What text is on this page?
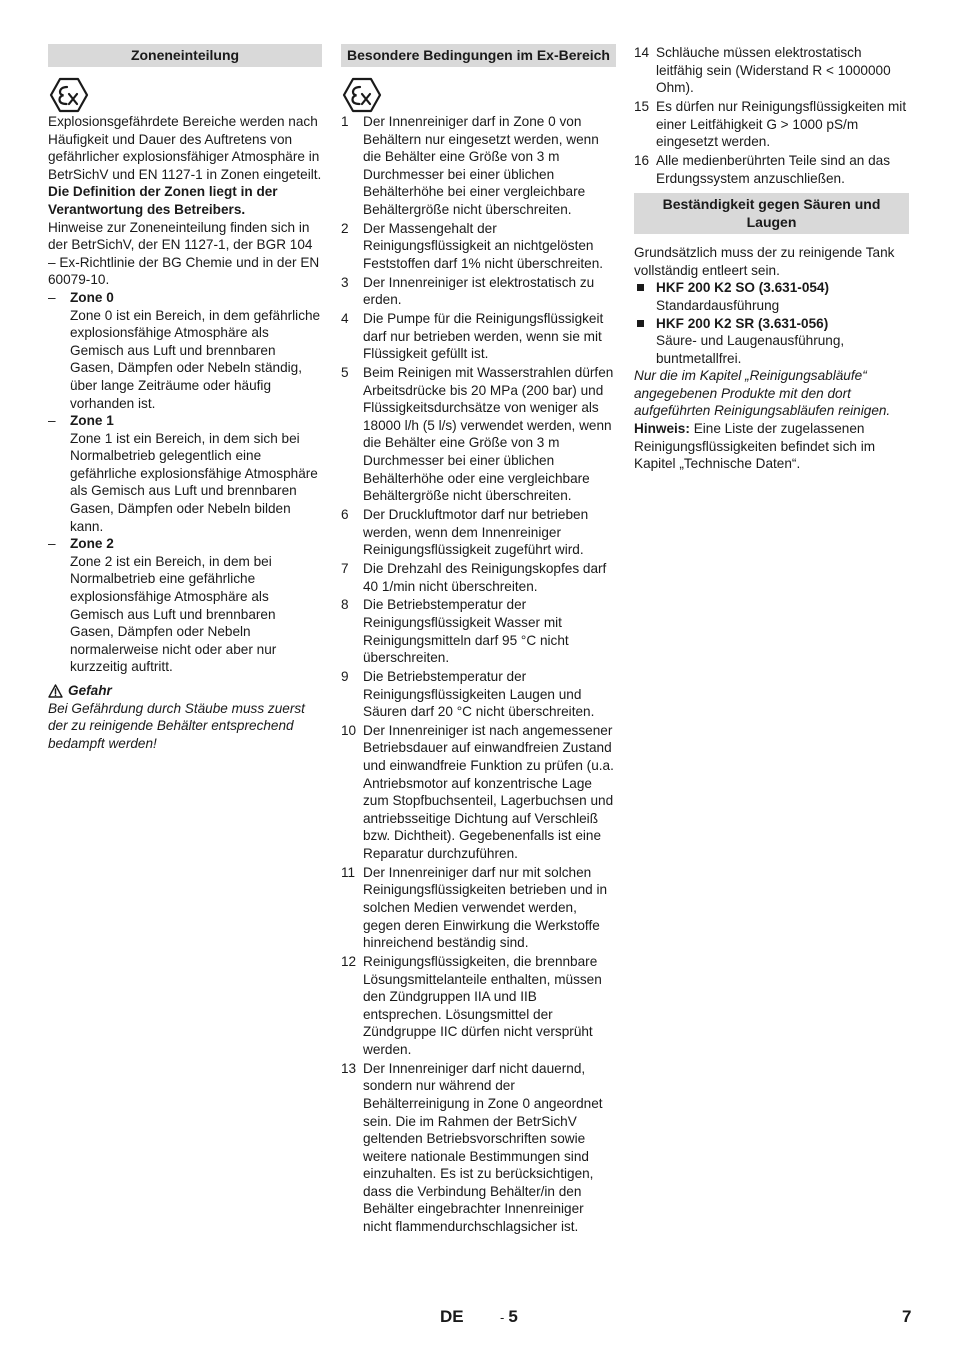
Zoneneinteilung

Explosionsgefährdete Bereiche werden nach Häufigkeit und Dauer des Auftretens von gefährlicher explosionsfähiger Atmosphäre in BetrSichV und EN 1127-1 in Zonen eingeteilt.

Die Definition der Zonen liegt in der Verantwortung des Betreibers.

Hinweise zur Zoneneinteilung finden sich in der BetrSichV, der EN 1127-1, der BGR 104 – Ex-Richtlinie der BG Chemie und in der EN 60079-10.

– Zone 0
Zone 0 ist ein Bereich, in dem gefährliche explosionsfähige Atmosphäre als Gemisch aus Luft und brennbaren Gasen, Dämpfen oder Nebeln ständig, über lange Zeiträume oder häufig vorhanden ist.
– Zone 1
Zone 1 ist ein Bereich, in dem sich bei Normalbetrieb gelegentlich eine gefährliche explosionsfähige Atmosphäre als Gemisch aus Luft und brennbaren Gasen, Dämpfen oder Nebeln bilden kann.
– Zone 2
Zone 2 ist ein Bereich, in dem bei Normalbetrieb eine gefährliche explosionsfähige Atmosphäre als Gemisch aus Luft und brennbaren Gasen, Dämpfen oder Nebeln normalerweise nicht oder aber nur kurzzeitig auftritt.
Gefahr

Bei Gefährdung durch Stäube muss zuerst der zu reinigende Behälter entsprechend bedampft werden!

Besondere Bedingungen im Ex-Bereich
1 Der Innenreiniger darf in Zone 0 von Behältern nur eingesetzt werden, wenn die Behälter eine Größe von 3 m Durchmesser bei einer üblichen Behälterhöhe bei einer vergleichbare Behältergröße nicht überschreiten.
2 Der Massengehalt der Reinigungsflüssigkeit an nichtgelösten Feststoffen darf 1% nicht überschreiten.
3 Der Innenreiniger ist elektrostatisch zu erden.
4 Die Pumpe für die Reinigungsflüssigkeit darf nur betrieben werden, wenn sie mit Flüssigkeit gefüllt ist.
5 Beim Reinigen mit Wasserstrahlen dürfen Arbeitsdrücke bis 20 MPa (200 bar) und Flüssigkeitsdurchsätze von weniger als 18000 l/h (5 l/s) verwendet werden, wenn die Behälter eine Größe von 3 m Durchmesser bei einer üblichen Behälterhöhe oder eine vergleichbare Behältergröße nicht überschreiten.
6 Der Druckluftmotor darf nur betrieben werden, wenn dem Innenreiniger Reinigungsflüssigkeit zugeführt wird.
7 Die Drehzahl des Reinigungskopfes darf 40 1/min nicht überschreiten.
8 Die Betriebstemperatur der Reinigungsflüssigkeit Wasser mit Reinigungsmitteln darf 95 °C nicht überschreiten.
9 Die Betriebstemperatur der Reinigungsflüssigkeiten Laugen und Säuren darf 20 °C nicht überschreiten.
10 Der Innenreiniger ist nach angemessener Betriebsdauer auf einwandfreien Zustand und einwandfreie Funktion zu prüfen (u.a. Antriebsmotor auf konzentrische Lage zum Stopfbuchsenteil, Lagerbuchsen und antriebsseitige Dichtung auf Verschleiß bzw. Dichtheit). Gegebenenfalls ist eine Reparatur durchzuführen.
11 Der Innenreiniger darf nur mit solchen Reinigungsflüssigkeiten betrieben und in solchen Medien verwendet werden, gegen deren Einwirkung die Werkstoffe hinreichend beständig sind.
12 Reinigungsflüssigkeiten, die brennbare Lösungsmittelanteile enthalten, müssen den Zündgruppen IIA und IIB entsprechen. Lösungsmittel der Zündgruppe IIC dürfen nicht versprüht werden.
13 Der Innenreiniger darf nicht dauernd, sondern nur während der Behälterreinigung in Zone 0 angeordnet sein. Die im Rahmen der BetrSichV geltenden Betriebsvorschriften sowie weitere nationale Bestimmungen sind einzuhalten. Es ist zu berücksichtigen, dass die Verbindung Behälter/in den Behälter eingebrachter Innenreiniger nicht flammendurchschlagsicher ist.
14 Schläuche müssen elektrostatisch leitfähig sein (Widerstand R < 1000000 Ohm).
15 Es dürfen nur Reinigungsflüssigkeiten mit einer Leitfähigkeit G > 1000 pS/m eingesetzt werden.
16 Alle medienberührten Teile sind an das Erdungssystem anzuschließen.
Beständigkeit gegen Säuren und Laugen

Grundsätzlich muss der zu reinigende Tank vollständig entleert sein.

HKF 200 K2 SO (3.631-054)
Standardausführung
HKF 200 K2 SR (3.631-056)
Säure- und Laugenausführung, buntmetallfrei.

Nur die im Kapitel „Reinigungsabläufe“ angegebenen Produkte mit den dort aufgeführten Reinigungsabläufen reinigen.

Hinweis: Eine Liste der zugelassenen Reinigungsflüssigkeiten befindet sich im Kapitel „Technische Daten“.

DE	- 5	7
